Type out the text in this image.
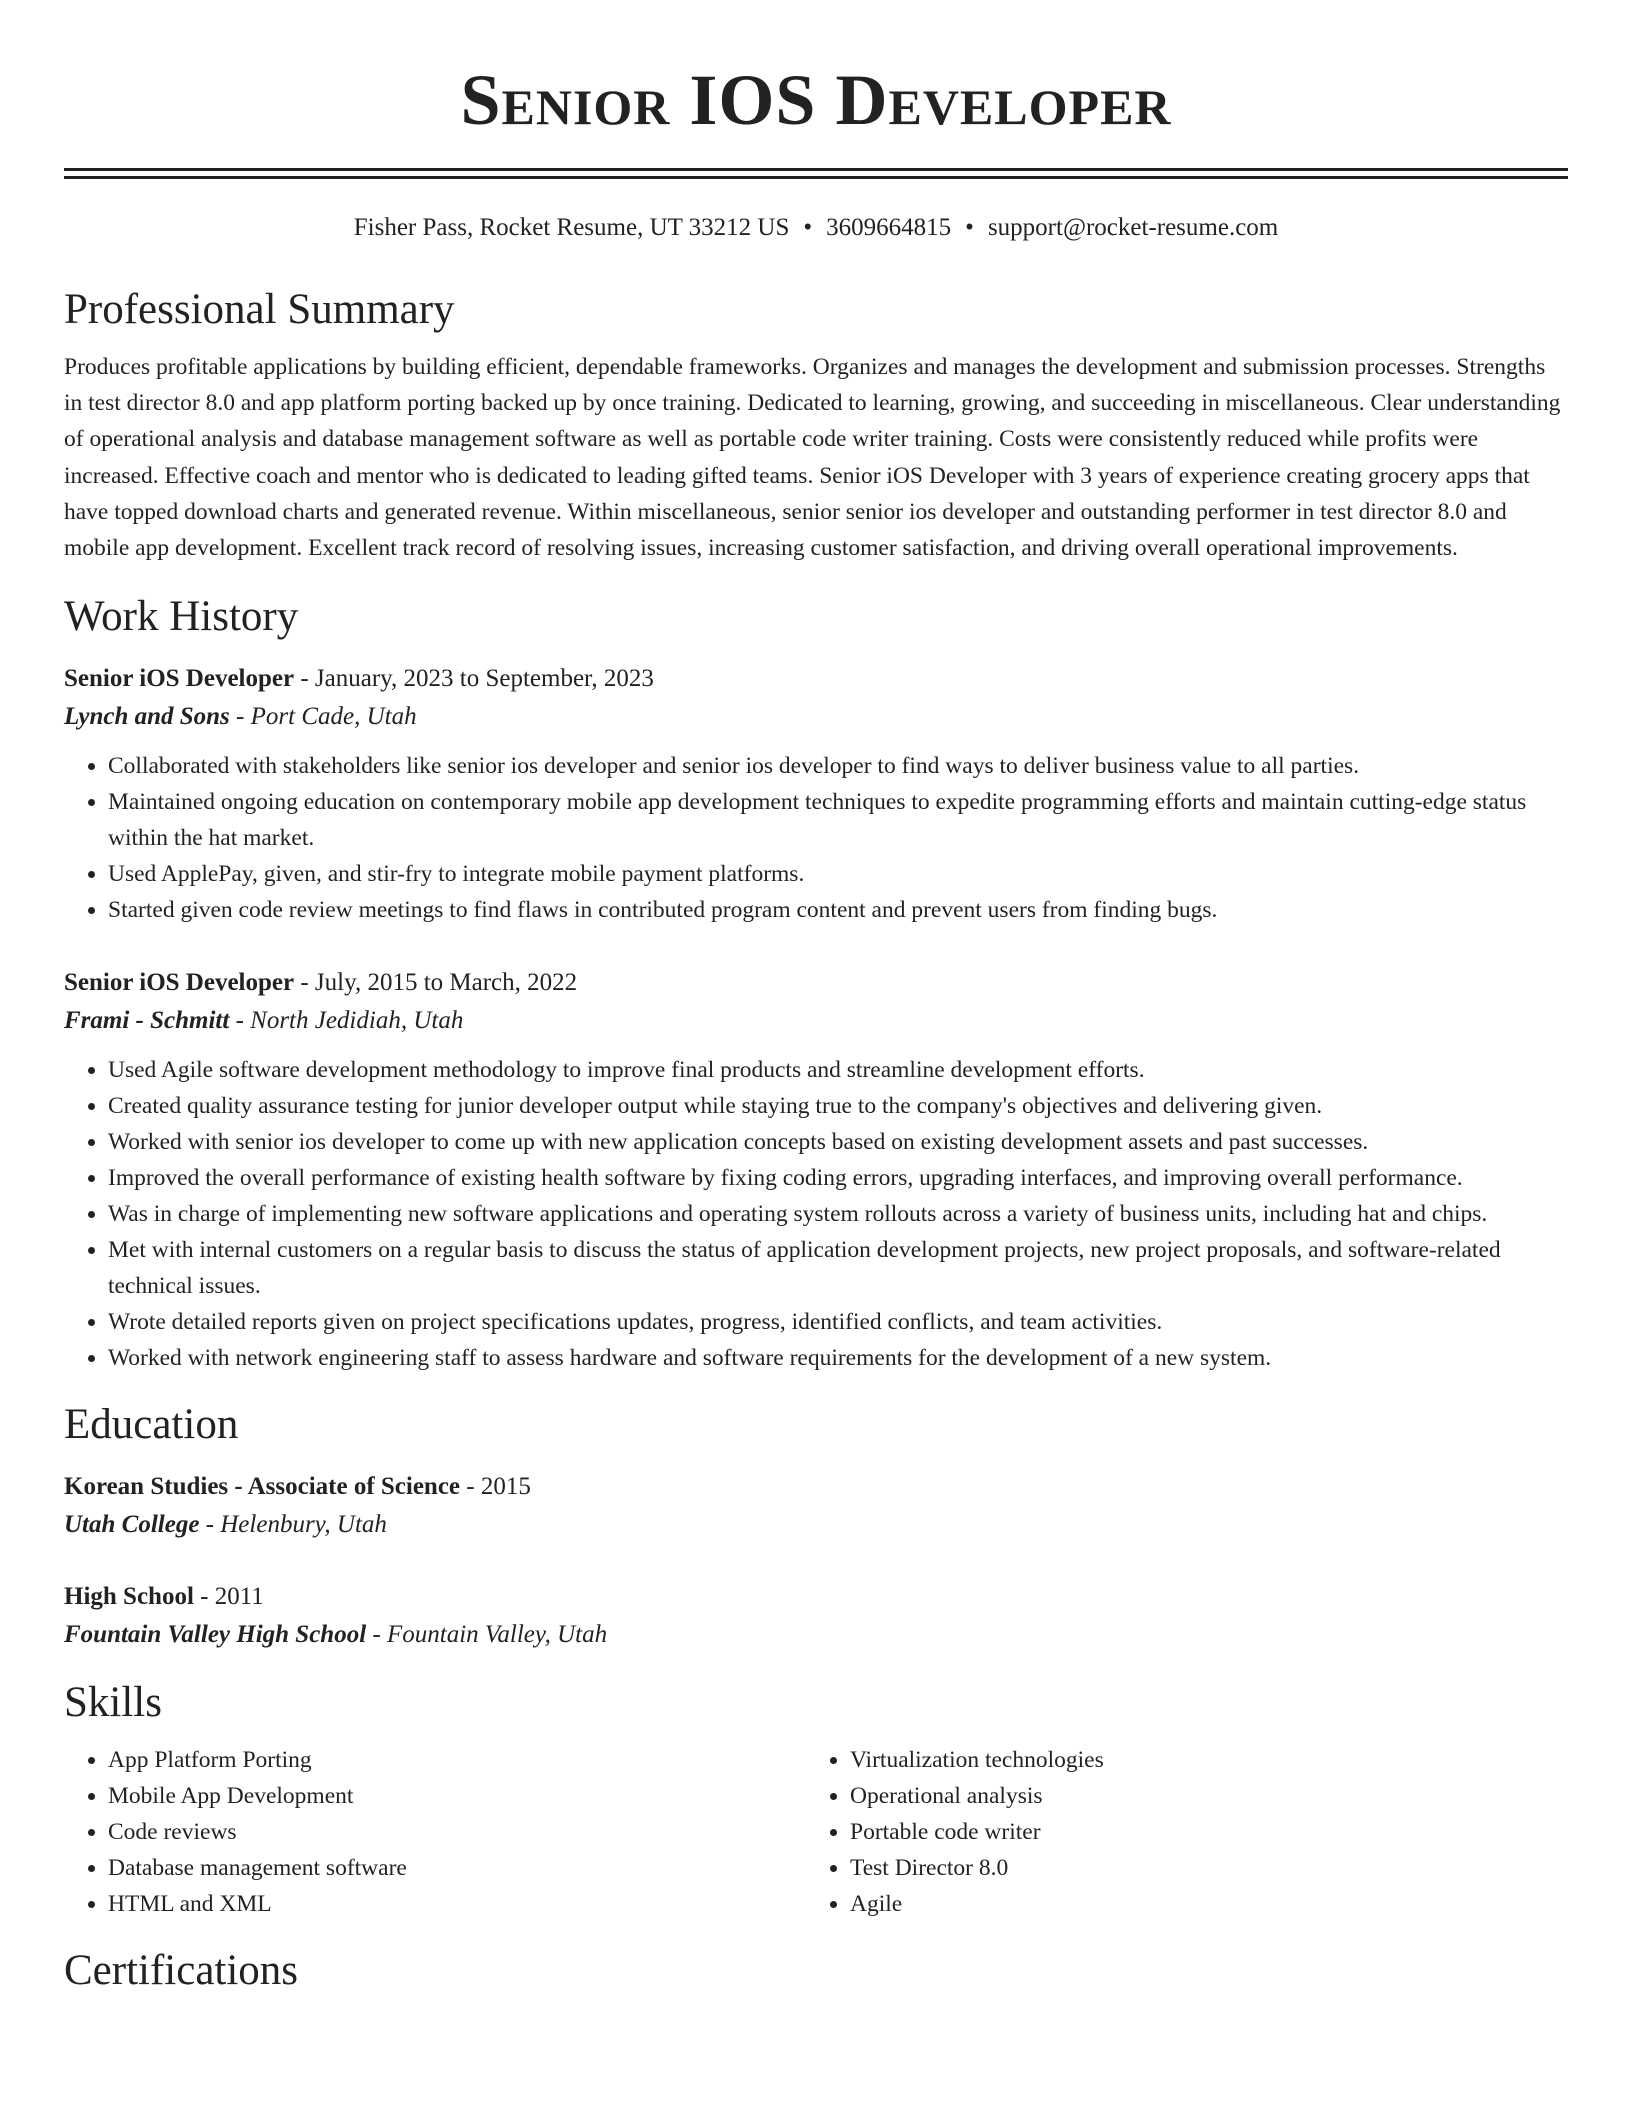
Senior IOS Developer
Fisher Pass, Rocket Resume, UT 33212 US • 3609664815 • support@rocket-resume.com
Professional Summary
Produces profitable applications by building efficient, dependable frameworks. Organizes and manages the development and submission processes. Strengths in test director 8.0 and app platform porting backed up by once training. Dedicated to learning, growing, and succeeding in miscellaneous. Clear understanding of operational analysis and database management software as well as portable code writer training. Costs were consistently reduced while profits were increased. Effective coach and mentor who is dedicated to leading gifted teams. Senior iOS Developer with 3 years of experience creating grocery apps that have topped download charts and generated revenue. Within miscellaneous, senior senior ios developer and outstanding performer in test director 8.0 and mobile app development. Excellent track record of resolving issues, increasing customer satisfaction, and driving overall operational improvements.
Work History
Senior iOS Developer - January, 2023 to September, 2023
Lynch and Sons - Port Cade, Utah
• Collaborated with stakeholders like senior ios developer and senior ios developer to find ways to deliver business value to all parties.
• Maintained ongoing education on contemporary mobile app development techniques to expedite programming efforts and maintain cutting-edge status within the hat market.
• Used ApplePay, given, and stir-fry to integrate mobile payment platforms.
• Started given code review meetings to find flaws in contributed program content and prevent users from finding bugs.
Senior iOS Developer - July, 2015 to March, 2022
Frami - Schmitt - North Jedidiah, Utah
• Used Agile software development methodology to improve final products and streamline development efforts.
• Created quality assurance testing for junior developer output while staying true to the company's objectives and delivering given.
• Worked with senior ios developer to come up with new application concepts based on existing development assets and past successes.
• Improved the overall performance of existing health software by fixing coding errors, upgrading interfaces, and improving overall performance.
• Was in charge of implementing new software applications and operating system rollouts across a variety of business units, including hat and chips.
• Met with internal customers on a regular basis to discuss the status of application development projects, new project proposals, and software-related technical issues.
• Wrote detailed reports given on project specifications updates, progress, identified conflicts, and team activities.
• Worked with network engineering staff to assess hardware and software requirements for the development of a new system.
Education
Korean Studies - Associate of Science - 2015
Utah College - Helenbury, Utah
High School - 2011
Fountain Valley High School - Fountain Valley, Utah
Skills
• App Platform Porting
• Mobile App Development
• Code reviews
• Database management software
• HTML and XML
• Virtualization technologies
• Operational analysis
• Portable code writer
• Test Director 8.0
• Agile
Certifications
